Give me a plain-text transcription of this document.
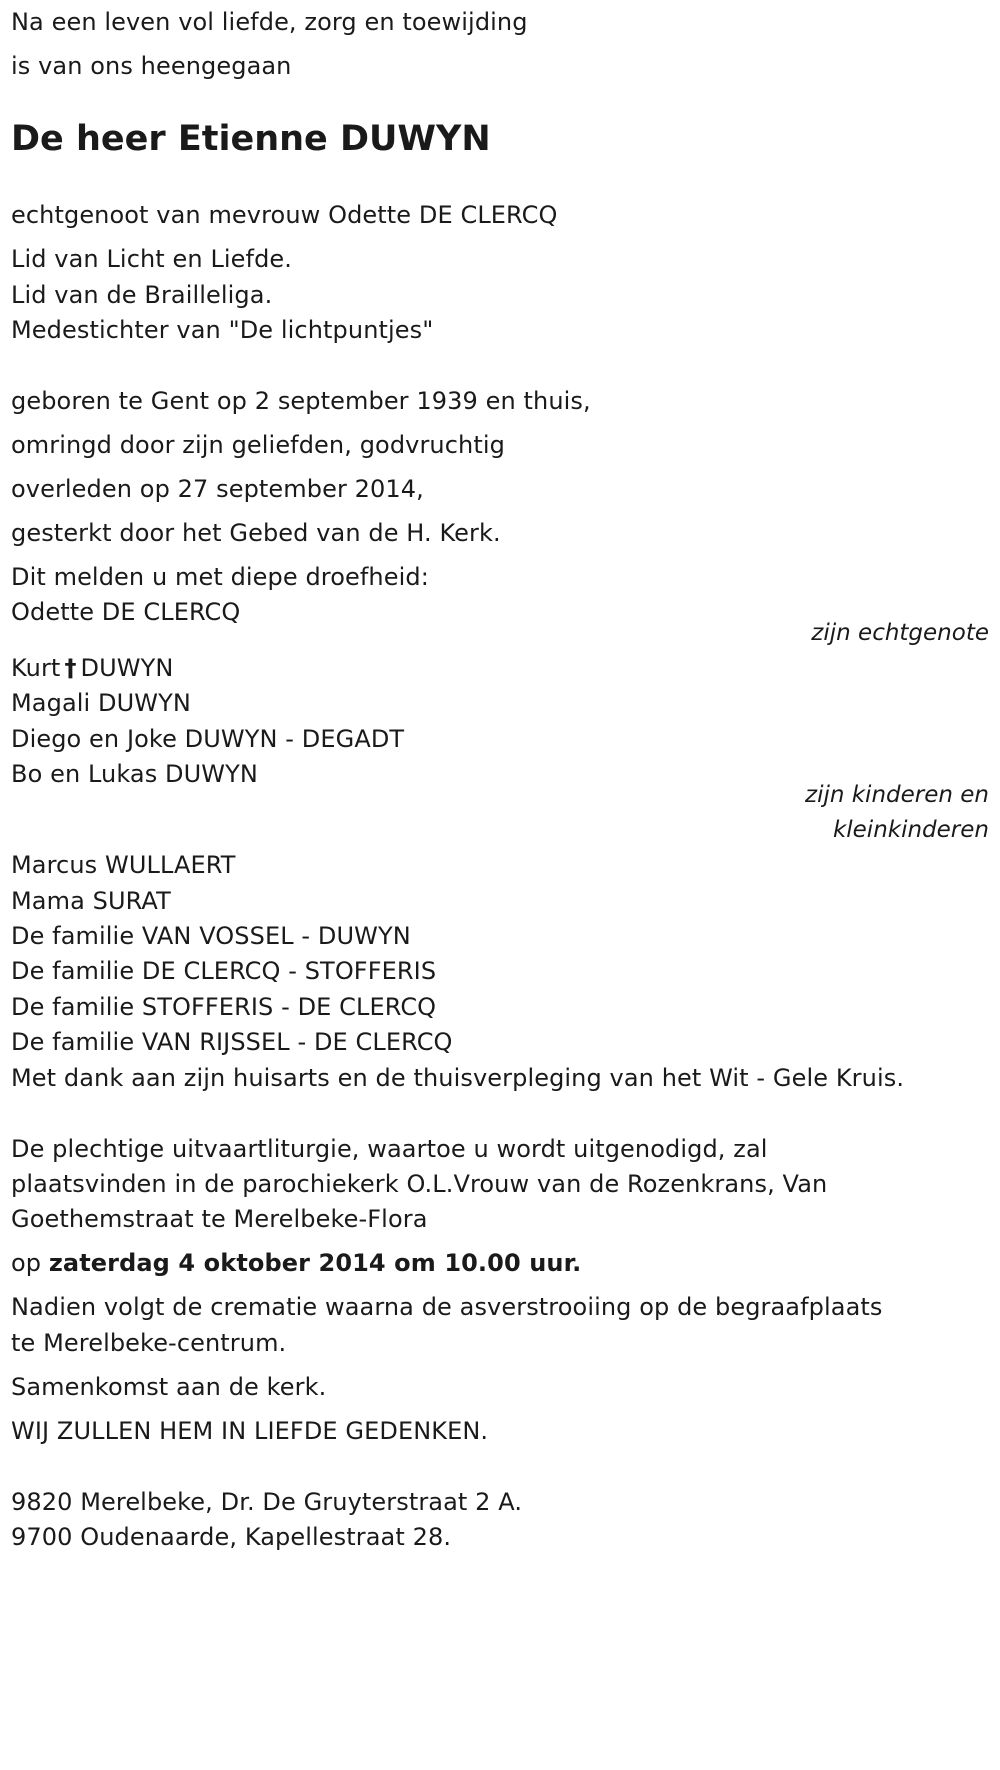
Na een leven vol liefde, zorg en toewijding

is van ons heengegaan

De heer Etienne DUWYN

echtgenoot van mevrouw Odette DE CLERCQ

Lid van Licht en Liefde.

Lid van de Brailleliga.

Medestichter van "De lichtpuntjes"

geboren te Gent op 2 september 1939 en thuis,

omringd door zijn geliefden, godvruchtig

overleden op 27 september 2014,

gesterkt door het Gebed van de H. Kerk.

Dit melden u met diepe droefheid:

Odette DE CLERCQ

zijn echtgenote

Kurt † DUWYN

Magali DUWYN

Diego en Joke DUWYN - DEGADT

Bo en Lukas DUWYN

zijn kinderen en

kleinkinderen

Marcus WULLAERT

Mama SURAT

De familie VAN VOSSEL - DUWYN

De familie DE CLERCQ - STOFFERIS

De familie STOFFERIS - DE CLERCQ

De familie VAN RIJSSEL - DE CLERCQ

Met dank aan zijn huisarts en de thuisverpleging van het Wit - Gele Kruis.

De plechtige uitvaartliturgie, waartoe u wordt uitgenodigd, zal

plaatsvinden in de parochiekerk O.L.Vrouw van de Rozenkrans, Van

Goethemstraat te Merelbeke-Flora

op zaterdag 4 oktober 2014 om 10.00 uur.

Nadien volgt de crematie waarna de asverstrooiing op de begraafplaats

te Merelbeke-centrum.

Samenkomst aan de kerk.

WIJ ZULLEN HEM IN LIEFDE GEDENKEN.

9820 Merelbeke, Dr. De Gruyterstraat 2 A.

9700 Oudenaarde, Kapellestraat 28.
